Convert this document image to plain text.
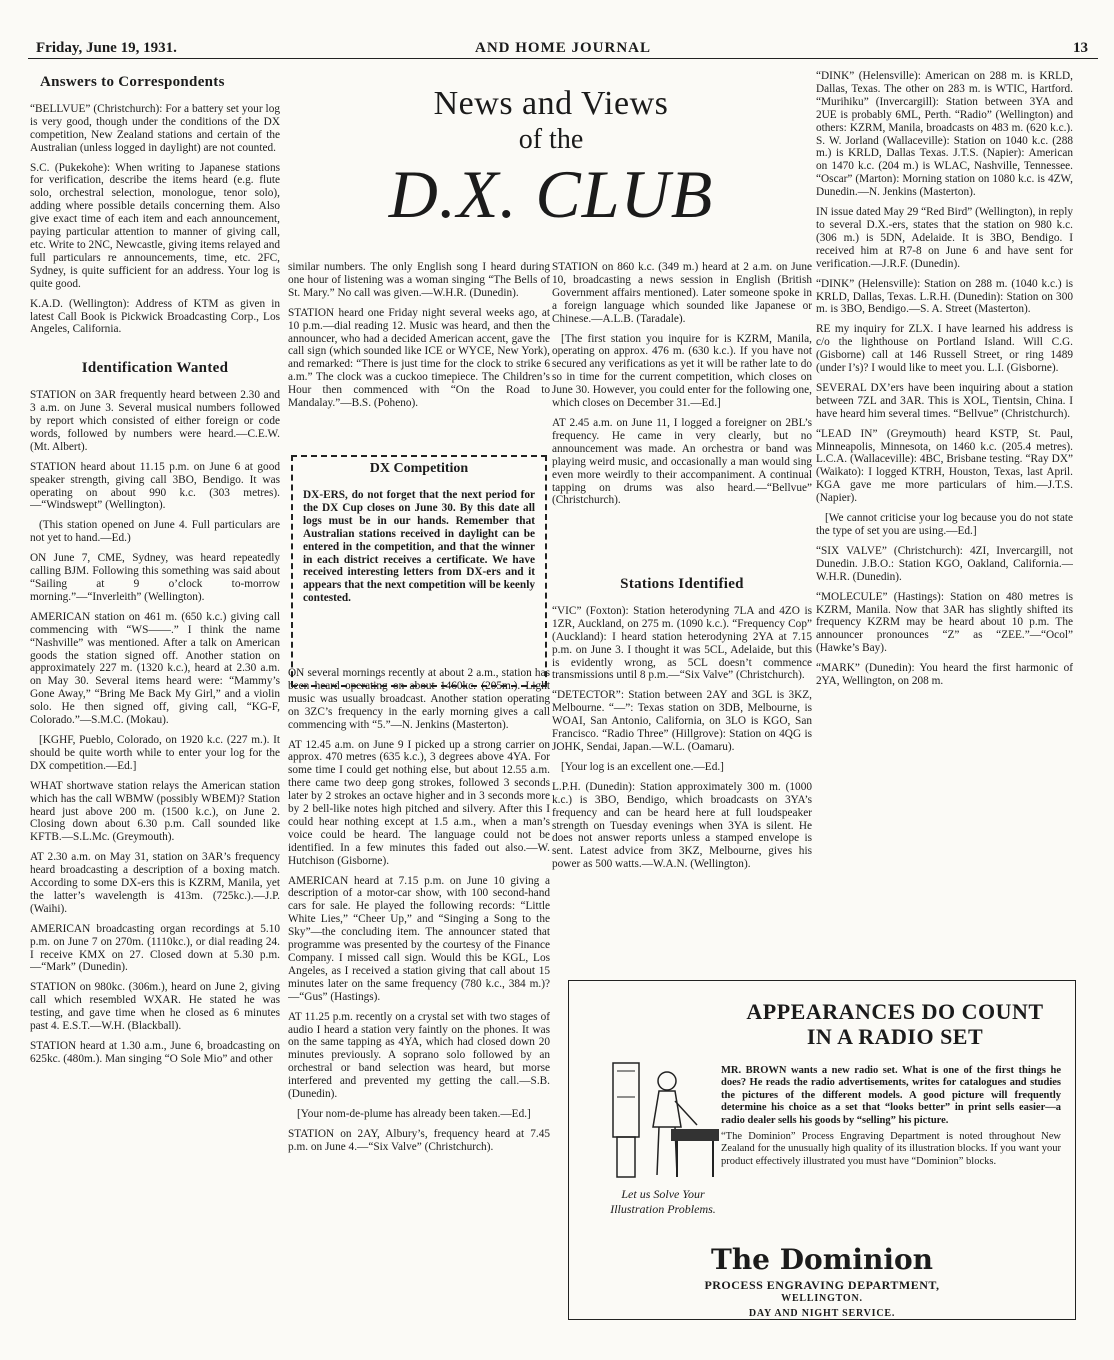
Friday, June 19, 1931.	AND HOME JOURNAL	13
News and Views
of the
D.X. CLUB
Answers to Correspondents

“BELLVUE” (Christchurch): For a battery set your log is very good, though under the conditions of the DX competition, New Zealand stations and certain of the Australian (unless logged in daylight) are not counted.

S.C. (Pukekohe): When writing to Japanese stations for verification, describe the items heard (e.g. flute solo, orchestral selection, monologue, tenor solo), adding where possible details concerning them. Also give exact time of each item and each announcement, paying particular attention to manner of giving call, etc. Write to 2NC, Newcastle, giving items relayed and full particulars re announcements, time, etc. 2FC, Sydney, is quite sufficient for an address. Your log is quite good.

K.A.D. (Wellington): Address of KTM as given in latest Call Book is Pickwick Broadcasting Corp., Los Angeles, California.

Identification Wanted

STATION on 3AR frequently heard between 2.30 and 3 a.m. on June 3. Several musical numbers followed by report which consisted of either foreign or code words, followed by numbers were heard.—C.E.W. (Mt. Albert).

STATION heard about 11.15 p.m. on June 6 at good speaker strength, giving call 3BO, Bendigo. It was operating on about 990 k.c. (303 metres).—“Windswept” (Wellington).

(This station opened on June 4. Full particulars are not yet to hand.—Ed.)

ON June 7, CME, Sydney, was heard repeatedly calling BJM. Following this something was said about “Sailing at 9 o’clock to-morrow morning.”—“Inverleith” (Wellington).

AMERICAN station on 461 m. (650 k.c.) giving call commencing with “WS——.” I think the name “Nashville” was mentioned. After a talk on American goods the station signed off. Another station on approximately 227 m. (1320 k.c.), heard at 2.30 a.m. on May 30. Several items heard were: “Mammy’s Gone Away,” “Bring Me Back My Girl,” and a violin solo. He then signed off, giving call, “KG-F, Colorado.”—S.M.C. (Mokau).

[KGHF, Pueblo, Colorado, on 1920 k.c. (227 m.). It should be quite worth while to enter your log for the DX competition.—Ed.]

WHAT shortwave station relays the American station which has the call WBMW (possibly WBEM)? Station heard just above 200 m. (1500 k.c.), on June 2. Closing down about 6.30 p.m. Call sounded like KFTB.—S.L.Mc. (Greymouth).

AT 2.30 a.m. on May 31, station on 3AR’s frequency heard broadcasting a description of a boxing match. According to some DX-ers this is KZRM, Manila, yet the latter’s wavelength is 413m. (725kc.).—J.P. (Waihi).

AMERICAN broadcasting organ recordings at 5.10 p.m. on June 7 on 270m. (1110kc.), or dial reading 24. I receive KMX on 27. Closed down at 5.30 p.m.—“Mark” (Dunedin).

STATION on 980kc. (306m.), heard on June 2, giving call which resembled WXAR. He stated he was testing, and gave time when he closed as 6 minutes past 4. E.S.T.—W.H. (Blackball).

STATION heard at 1.30 a.m., June 6, broadcasting on 625kc. (480m.). Man singing “O Sole Mio” and other

similar numbers. The only English song I heard during one hour of listening was a woman singing “The Bells of St. Mary.” No call was given.—W.H.R. (Dunedin).

STATION heard one Friday night several weeks ago, at 10 p.m.—dial reading 12. Music was heard, and then the announcer, who had a decided American accent, gave the call sign (which sounded like ICE or WYCE, New York), and remarked: “There is just time for the clock to strike 6 a.m.” The clock was a cuckoo timepiece. The Children’s Hour then commenced with “On the Road to Mandalay.”—B.S. (Poheno).

ON several mornings recently at about 2 a.m., station has been heard operating on about 1460kc. (205m.). Light music was usually broadcast. Another station operating on 3ZC’s frequency in the early morning gives a call commencing with “5.”—N. Jenkins (Masterton).

AT 12.45 a.m. on June 9 I picked up a strong carrier on approx. 470 metres (635 k.c.), 3 degrees above 4YA. For some time I could get nothing else, but about 12.55 a.m. there came two deep gong strokes, followed 3 seconds later by 2 strokes an octave higher and in 3 seconds more by 2 bell-like notes high pitched and silvery. After this I could hear nothing except at 1.5 a.m., when a man’s voice could be heard. The language could not be identified. In a few minutes this faded out also.—W. Hutchison (Gisborne).

AMERICAN heard at 7.15 p.m. on June 10 giving a description of a motor-car show, with 100 second-hand cars for sale. He played the following records: “Little White Lies,” “Cheer Up,” and “Singing a Song to the Sky”—the concluding item. The announcer stated that programme was presented by the courtesy of the Finance Company. I missed call sign. Would this be KGL, Los Angeles, as I received a station giving that call about 15 minutes later on the same frequency (780 k.c., 384 m.)?—“Gus” (Hastings).

AT 11.25 p.m. recently on a crystal set with two stages of audio I heard a station very faintly on the phones. It was on the same tapping as 4YA, which had closed down 20 minutes previously. A soprano solo followed by an orchestral or band selection was heard, but morse interfered and prevented my getting the call.—S.B. (Dunedin).

[Your nom-de-plume has already been taken.—Ed.]

STATION on 2AY, Albury’s, frequency heard at 7.45 p.m. on June 4.—“Six Valve” (Christchurch).

DX Competition

DX-ERS, do not forget that the next period for the DX Cup closes on June 30. By this date all logs must be in our hands. Remember that Australian stations received in daylight can be entered in the competition, and that the winner in each district receives a certificate. We have received interesting letters from DX-ers and it appears that the next competition will be keenly contested.

STATION on 860 k.c. (349 m.) heard at 2 a.m. on June 10, broadcasting a news session in English (British Government affairs mentioned). Later someone spoke in a foreign language which sounded like Japanese or Chinese.—A.L.B. (Taradale).

[The first station you inquire for is KZRM, Manila, operating on approx. 476 m. (630 k.c.). If you have not secured any verifications as yet it will be rather late to do so in time for the current competition, which closes on June 30. However, you could enter for the following one, which closes on December 31.—Ed.]

AT 2.45 a.m. on June 11, I logged a foreigner on 2BL’s frequency. He came in very clearly, but no announcement was made. An orchestra or band was playing weird music, and occasionally a man would sing even more weirdly to their accompaniment. A continual tapping on drums was also heard.—“Bellvue” (Christchurch).

Stations Identified

“VIC” (Foxton): Station heterodyning 7LA and 4ZO is 1ZR, Auckland, on 275 m. (1090 k.c.). “Frequency Cop” (Auckland): I heard station heterodyning 2YA at 7.15 p.m. on June 3. I thought it was 5CL, Adelaide, but this is evidently wrong, as 5CL doesn’t commence transmissions until 8 p.m.—“Six Valve” (Christchurch).

“DETECTOR”: Station between 2AY and 3GL is 3KZ, Melbourne. “—”: Texas station on 3DB, Melbourne, is WOAI, San Antonio, California, on 3LO is KGO, San Francisco. “Radio Three” (Hillgrove): Station on 4QG is JOHK, Sendai, Japan.—W.L. (Oamaru).

[Your log is an excellent one.—Ed.]

L.P.H. (Dunedin): Station approximately 300 m. (1000 k.c.) is 3BO, Bendigo, which broadcasts on 3YA’s frequency and can be heard here at full loudspeaker strength on Tuesday evenings when 3YA is silent. He does not answer reports unless a stamped envelope is sent. Latest advice from 3KZ, Melbourne, gives his power as 500 watts.—W.A.N. (Wellington).

“DINK” (Helensville): American on 288 m. is KRLD, Dallas, Texas. The other on 283 m. is WTIC, Hartford. “Murihiku” (Invercargill): Station between 3YA and 2UE is probably 6ML, Perth. “Radio” (Wellington) and others: KZRM, Manila, broadcasts on 483 m. (620 k.c.). S. W. Jorland (Wallaceville): Station on 1040 k.c. (288 m.) is KRLD, Dallas Texas. J.T.S. (Napier): American on 1470 k.c. (204 m.) is WLAC, Nashville, Tennessee. “Oscar” (Marton): Morning station on 1080 k.c. is 4ZW, Dunedin.—N. Jenkins (Masterton).

IN issue dated May 29 “Red Bird” (Wellington), in reply to several D.X.-ers, states that the station on 980 k.c. (306 m.) is 5DN, Adelaide. It is 3BO, Bendigo. I received him at R7-8 on June 6 and have sent for verification.—J.R.F. (Dunedin).

“DINK” (Helensville): Station on 288 m. (1040 k.c.) is KRLD, Dallas, Texas. L.R.H. (Dunedin): Station on 300 m. is 3BO, Bendigo.—S. A. Street (Masterton).

RE my inquiry for ZLX. I have learned his address is c/o the lighthouse on Portland Island. Will C.G. (Gisborne) call at 146 Russell Street, or ring 1489 (under I’s)? I would like to meet you. L.I. (Gisborne).

SEVERAL DX’ers have been inquiring about a station between 7ZL and 3AR. This is XOL, Tientsin, China. I have heard him several times. “Bellvue” (Christchurch).

“LEAD IN” (Greymouth) heard KSTP, St. Paul, Minneapolis, Minnesota, on 1460 k.c. (205.4 metres). L.C.A. (Wallaceville): 4BC, Brisbane testing. “Ray DX” (Waikato): I logged KTRH, Houston, Texas, last April. KGA gave me more particulars of him.—J.T.S. (Napier).

[We cannot criticise your log because you do not state the type of set you are using.—Ed.]

“SIX VALVE” (Christchurch): 4ZI, Invercargill, not Dunedin. J.B.O.: Station KGO, Oakland, California.—W.H.R. (Dunedin).

“MOLECULE” (Hastings): Station on 480 metres is KZRM, Manila. Now that 3AR has slightly shifted its frequency KZRM may be heard about 10 p.m. The announcer pronounces “Z” as “ZEE.”—“Ocol” (Hawke’s Bay).

“MARK” (Dunedin): You heard the first harmonic of 2YA, Wellington, on 208 m.

APPEARANCES DO COUNT
IN A RADIO SET
Let us Solve Your Illustration Problems.

MR. BROWN wants a new radio set. What is one of the first things he does? He reads the radio advertisements, writes for catalogues and studies the pictures of the different models. A good picture will frequently determine his choice as a set that “looks better” in print sells easier—a radio dealer sells his goods by “selling” his picture.

“The Dominion” Process Engraving Department is noted throughout New Zealand for the unusually high quality of its illustration blocks. If you want your product effectively illustrated you must have “Dominion” blocks.

The Dominion
PROCESS ENGRAVING DEPARTMENT,
WELLINGTON.
DAY AND NIGHT SERVICE.
